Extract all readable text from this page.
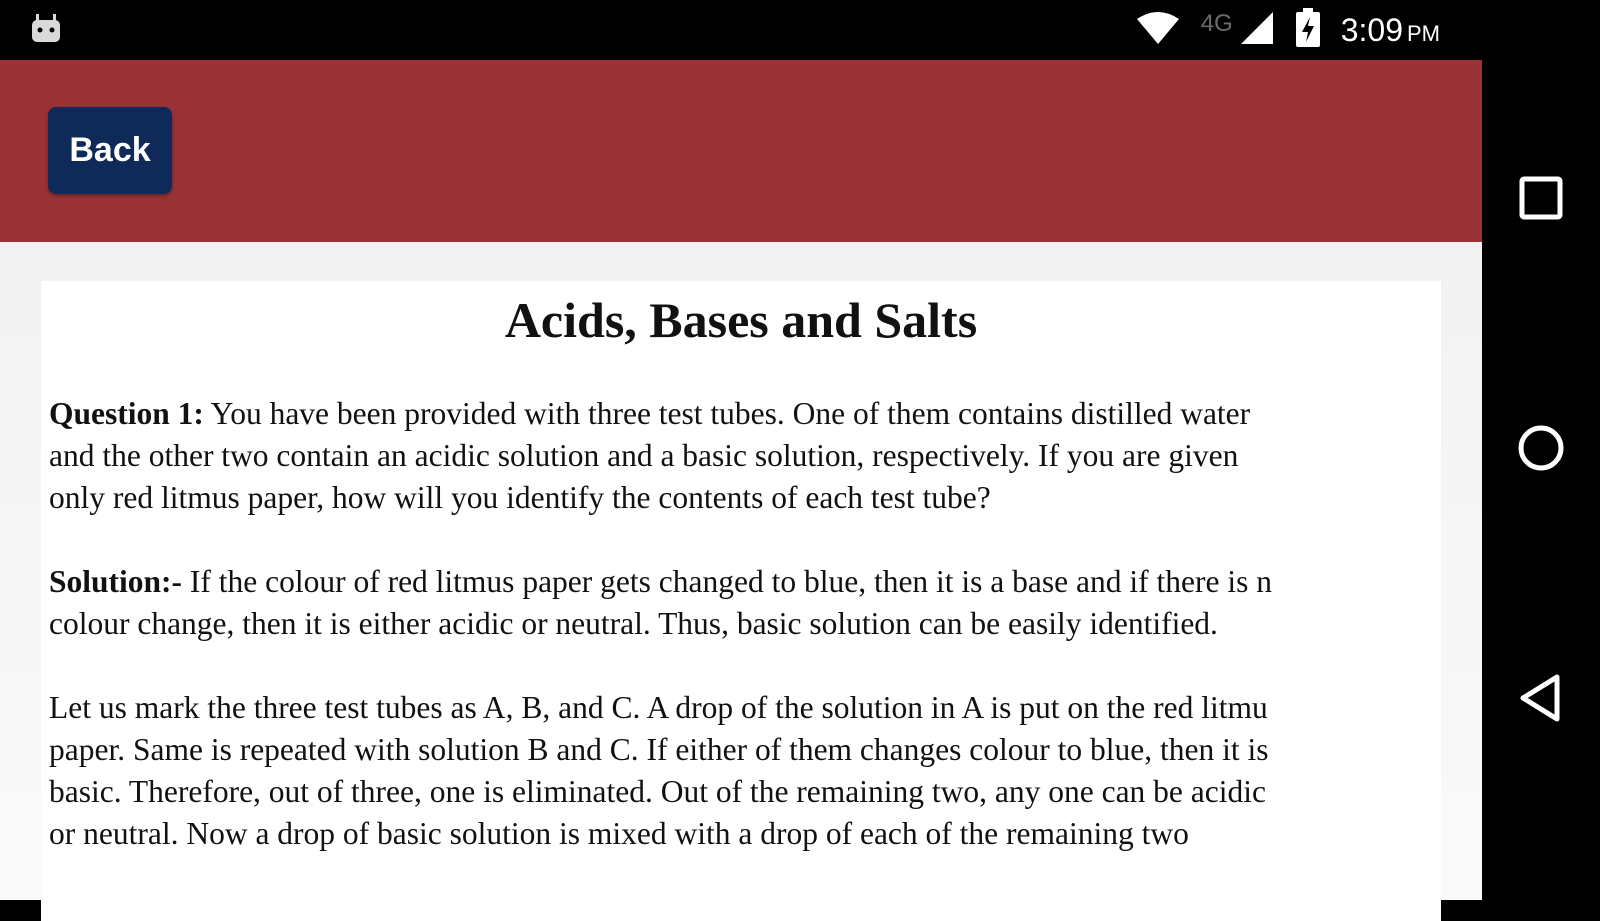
4G	3:09 PM
Back
Acids, Bases and Salts

Question 1: You have been provided with three test tubes. One of them contains distilled water
and the other two contain an acidic solution and a basic solution, respectively. If you are given
only red litmus paper, how will you identify the contents of each test tube?

Solution:- If the colour of red litmus paper gets changed to blue, then it is a base and if there is n
colour change, then it is either acidic or neutral. Thus, basic solution can be easily identified.

Let us mark the three test tubes as A, B, and C. A drop of the solution in A is put on the red litmu
paper. Same is repeated with solution B and C. If either of them changes colour to blue, then it is
basic. Therefore, out of three, one is eliminated. Out of the remaining two, any one can be acidic
or neutral. Now a drop of basic solution is mixed with a drop of each of the remaining two
